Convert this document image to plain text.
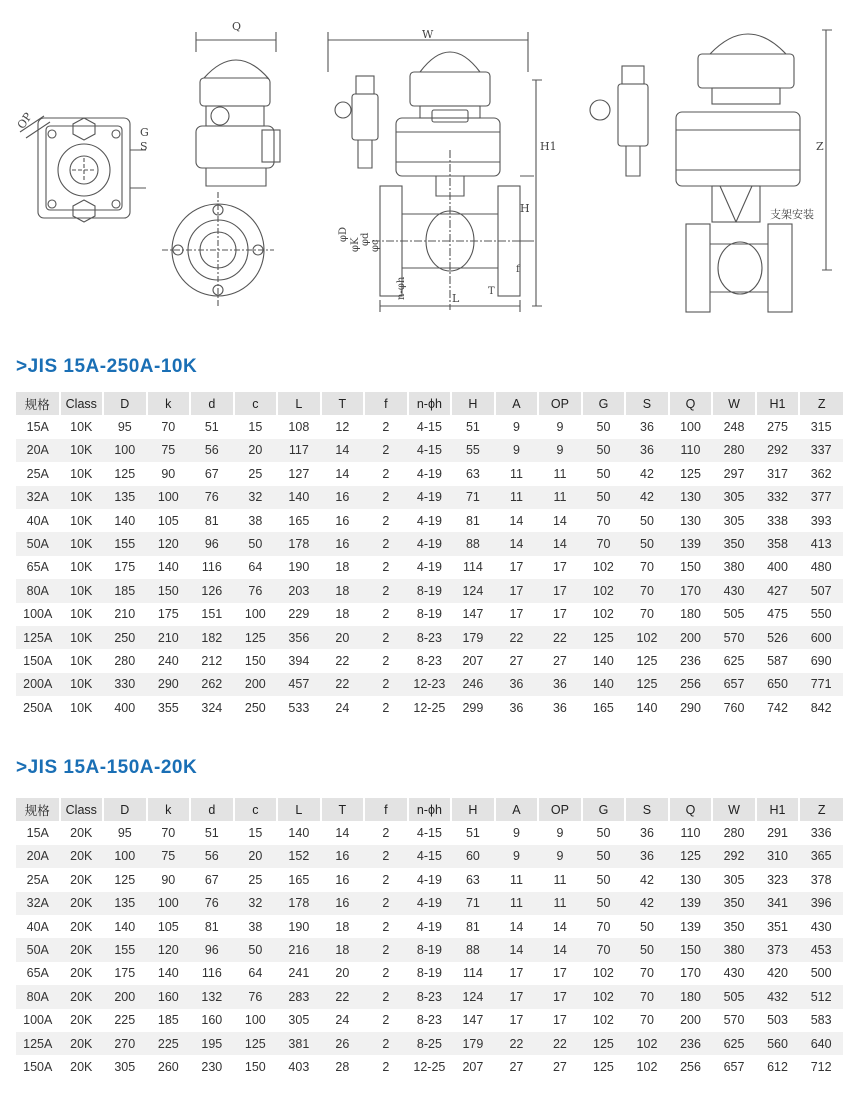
OP
G
S
Q
W
H1
H
φD
φK φd φc
f
T
L
n-φh
Z
支架安装
>JIS 15A-250A-10K
规格	Class	D	k	d	c	L	T	f	n-ϕh	H	A	OP	G	S	Q	W	H1	Z
15A	10K	95	70	51	15	108	12	2	4-15	51	9	9	50	36	100	248	275	315
20A	10K	100	75	56	20	117	14	2	4-15	55	9	9	50	36	110	280	292	337
25A	10K	125	90	67	25	127	14	2	4-19	63	11	11	50	42	125	297	317	362
32A	10K	135	100	76	32	140	16	2	4-19	71	11	11	50	42	130	305	332	377
40A	10K	140	105	81	38	165	16	2	4-19	81	14	14	70	50	130	305	338	393
50A	10K	155	120	96	50	178	16	2	4-19	88	14	14	70	50	139	350	358	413
65A	10K	175	140	116	64	190	18	2	4-19	114	17	17	102	70	150	380	400	480
80A	10K	185	150	126	76	203	18	2	8-19	124	17	17	102	70	170	430	427	507
100A	10K	210	175	151	100	229	18	2	8-19	147	17	17	102	70	180	505	475	550
125A	10K	250	210	182	125	356	20	2	8-23	179	22	22	125	102	200	570	526	600
150A	10K	280	240	212	150	394	22	2	8-23	207	27	27	140	125	236	625	587	690
200A	10K	330	290	262	200	457	22	2	12-23	246	36	36	140	125	256	657	650	771
250A	10K	400	355	324	250	533	24	2	12-25	299	36	36	165	140	290	760	742	842
>JIS 15A-150A-20K
规格	Class	D	k	d	c	L	T	f	n-ϕh	H	A	OP	G	S	Q	W	H1	Z
15A	20K	95	70	51	15	140	14	2	4-15	51	9	9	50	36	110	280	291	336
20A	20K	100	75	56	20	152	16	2	4-15	60	9	9	50	36	125	292	310	365
25A	20K	125	90	67	25	165	16	2	4-19	63	11	11	50	42	130	305	323	378
32A	20K	135	100	76	32	178	16	2	4-19	71	11	11	50	42	139	350	341	396
40A	20K	140	105	81	38	190	18	2	4-19	81	14	14	70	50	139	350	351	430
50A	20K	155	120	96	50	216	18	2	8-19	88	14	14	70	50	150	380	373	453
65A	20K	175	140	116	64	241	20	2	8-19	114	17	17	102	70	170	430	420	500
80A	20K	200	160	132	76	283	22	2	8-23	124	17	17	102	70	180	505	432	512
100A	20K	225	185	160	100	305	24	2	8-23	147	17	17	102	70	200	570	503	583
125A	20K	270	225	195	125	381	26	2	8-25	179	22	22	125	102	236	625	560	640
150A	20K	305	260	230	150	403	28	2	12-25	207	27	27	125	102	256	657	612	712
